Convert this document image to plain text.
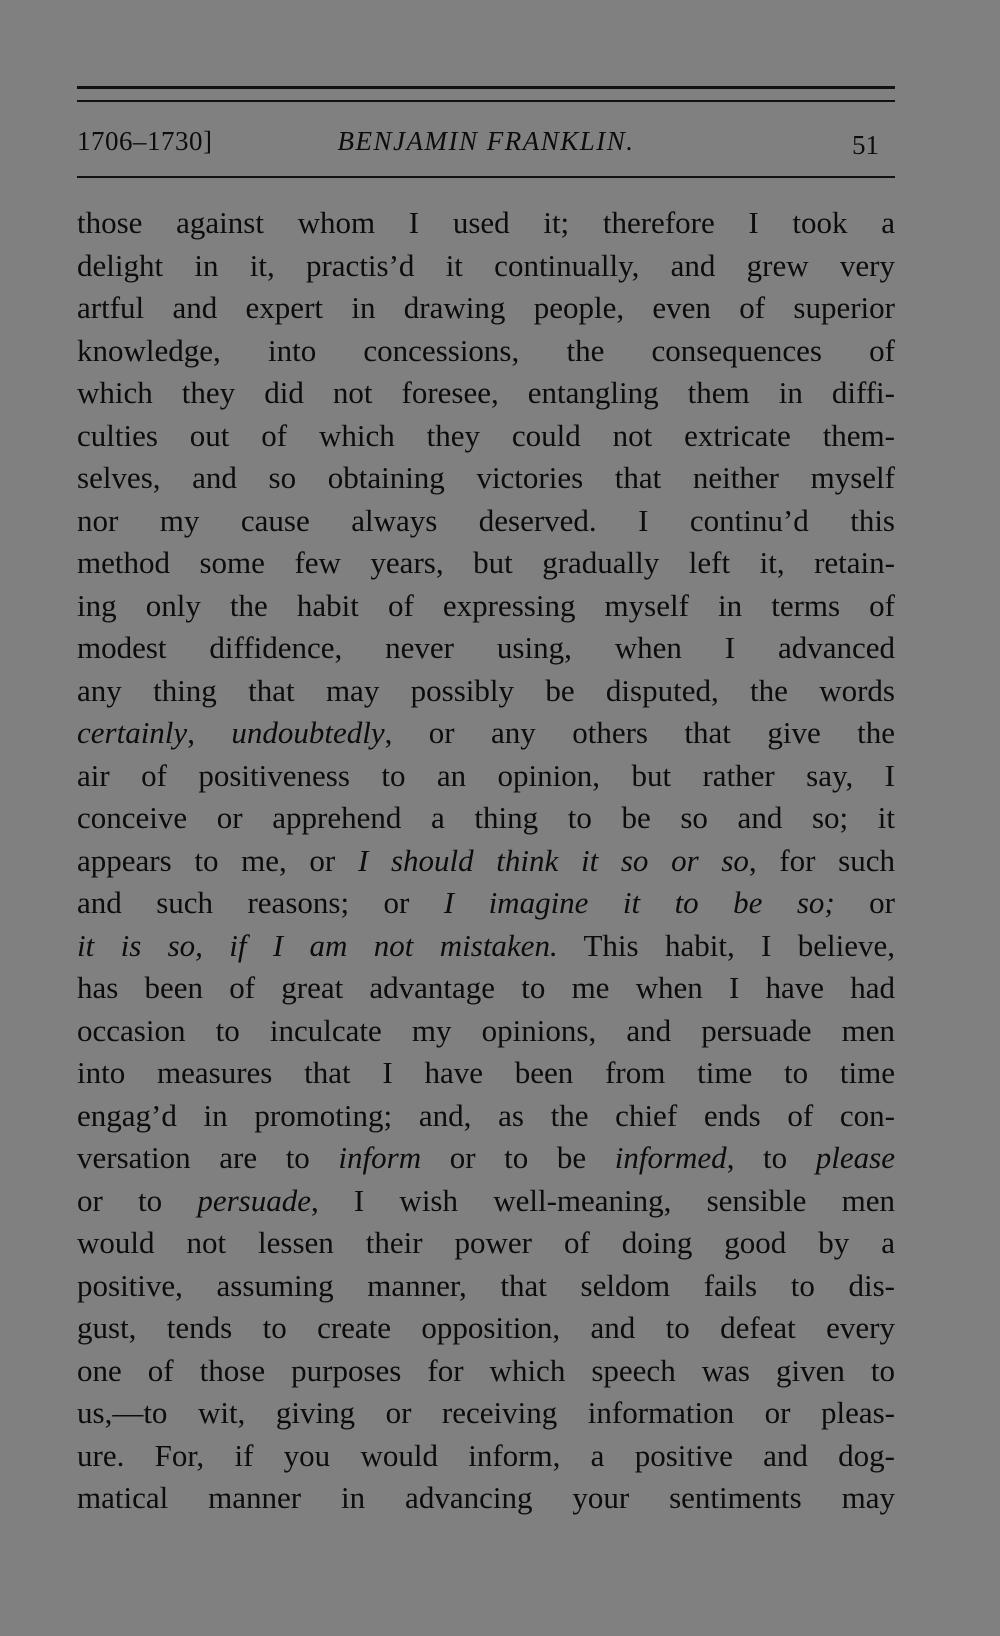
1706–1730]	BENJAMIN FRANKLIN.	51
those against whom I used it; therefore I took a
delight in it, practis’d it continually, and grew very
artful and expert in drawing people, even of superior
knowledge, into concessions, the consequences of
which they did not foresee, entangling them in diffi-
culties out of which they could not extricate them-
selves, and so obtaining victories that neither myself
nor my cause always deserved. I continu’d this
method some few years, but gradually left it, retain-
ing only the habit of expressing myself in terms of
modest diffidence, never using, when I advanced
any thing that may possibly be disputed, the words
certainly, undoubtedly, or any others that give the
air of positiveness to an opinion, but rather say, I
conceive or apprehend a thing to be so and so; it
appears to me, or I should think it so or so, for such
and such reasons; or I imagine it to be so; or
it is so, if I am not mistaken. This habit, I believe,
has been of great advantage to me when I have had
occasion to inculcate my opinions, and persuade men
into measures that I have been from time to time
engag’d in promoting; and, as the chief ends of con-
versation are to inform or to be informed, to please
or to persuade, I wish well-meaning, sensible men
would not lessen their power of doing good by a
positive, assuming manner, that seldom fails to dis-
gust, tends to create opposition, and to defeat every
one of those purposes for which speech was given to
us,—to wit, giving or receiving information or pleas-
ure. For, if you would inform, a positive and dog-
matical manner in advancing your sentiments may
